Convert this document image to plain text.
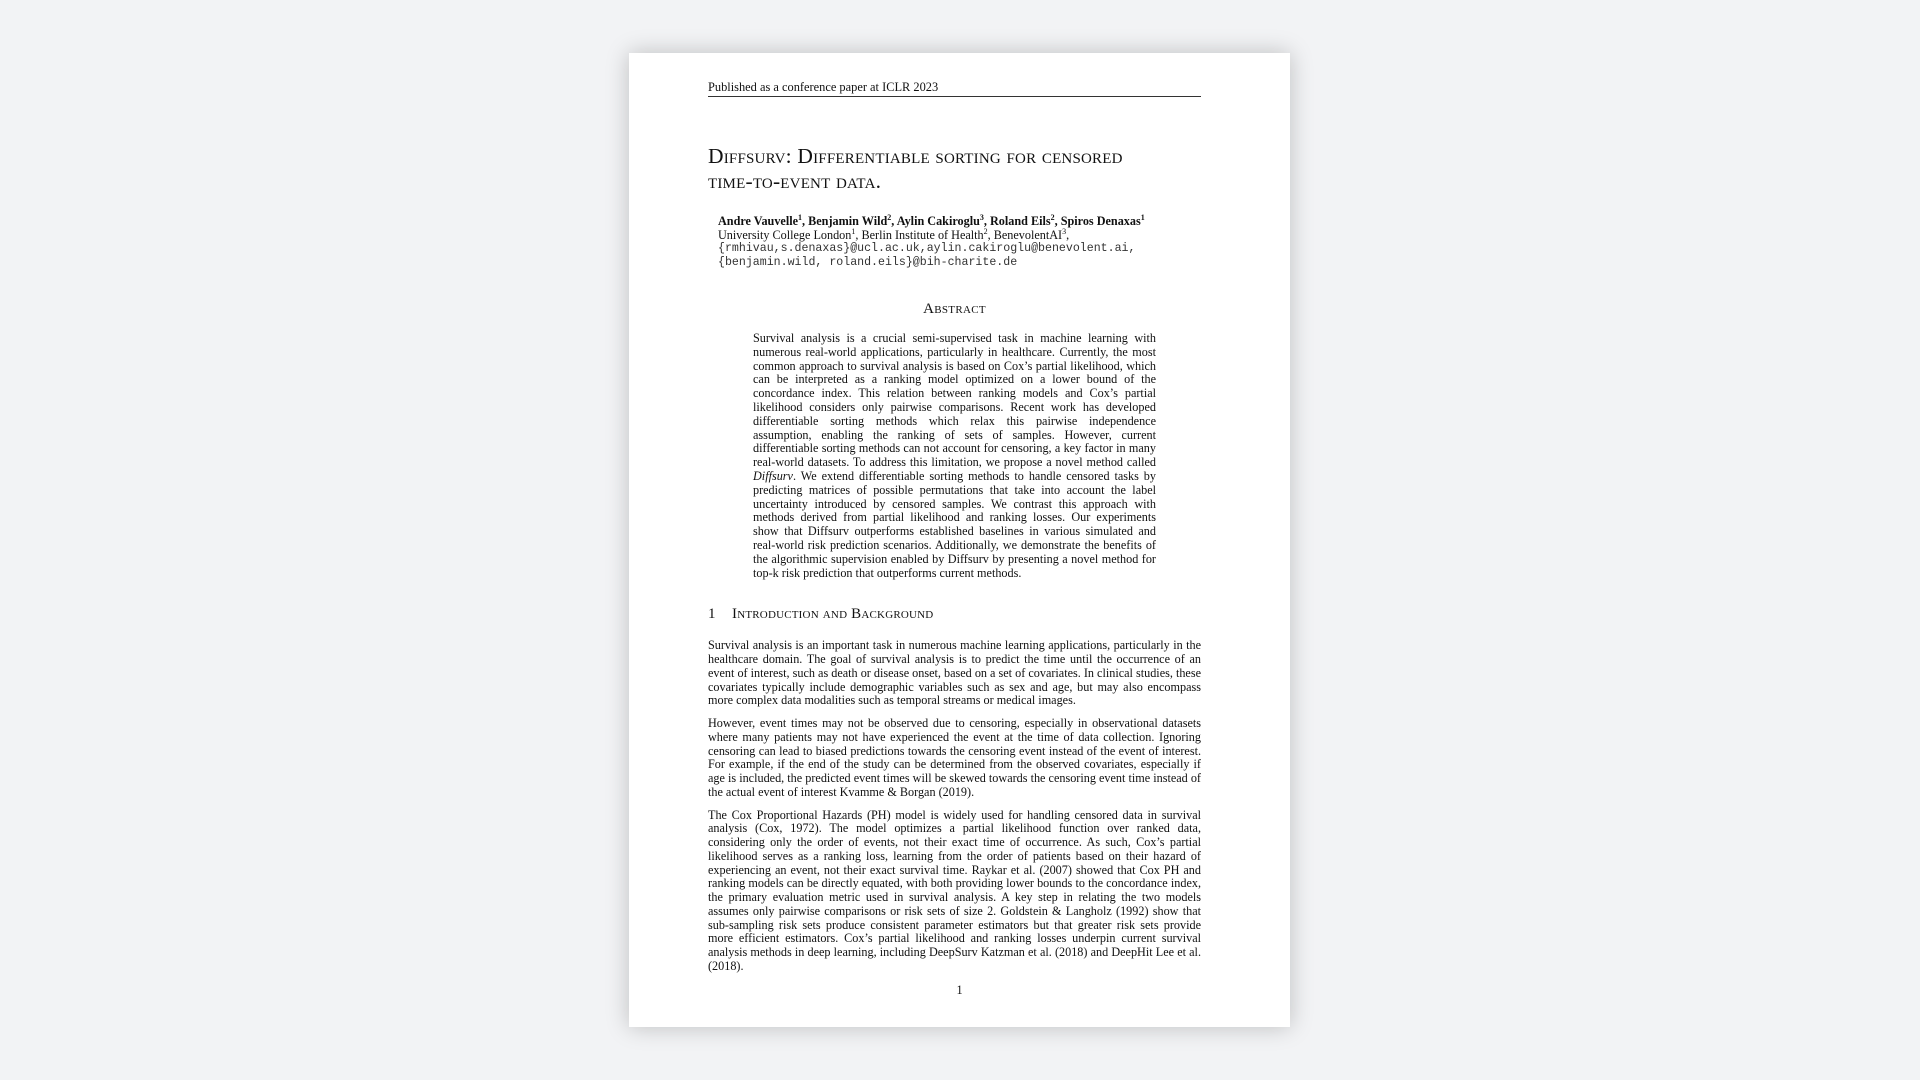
Published as a conference paper at ICLR 2023
Diffsurv: Differentiable sorting for censored
time-to-event data.
Andre Vauvelle$^1$, Benjamin Wild$^2$, Aylin Cakiroglu$^3$, Roland Eils$^2$, Spiros Denaxas$^1$
University College London$^1$, Berlin Institute of Health$^2$, BenevolentAI$^3$,
{rmhivau,s.denaxas}@ucl.ac.uk,aylin.cakiroglu@benevolent.ai,
{benjamin.wild, roland.eils}@bih-charite.de
Abstract
Survival analysis is a crucial semi-supervised task in machine learning with numerous real-world applications, particularly in healthcare. Currently, the most common approach to survival analysis is based on Cox’s partial likelihood, which can be interpreted as a ranking model optimized on a lower bound of the concordance index. This relation between ranking models and Cox’s partial likelihood considers only pairwise comparisons. Recent work has developed differentiable sorting methods which relax this pairwise independence assumption, enabling the ranking of sets of samples. However, current differentiable sorting methods can not account for censoring, a key factor in many real-world datasets. To address this limitation, we propose a novel method called Diffsurv. We extend differentiable sorting methods to handle censored tasks by predicting matrices of possible permutations that take into account the label uncertainty introduced by censored samples. We contrast this approach with methods derived from partial likelihood and ranking losses. Our experiments show that Diffsurv outperforms established baselines in various simulated and real-world risk prediction scenarios. Additionally, we demonstrate the benefits of the algorithmic supervision enabled by Diffsurv by presenting a novel method for top-k risk prediction that outperforms current methods.
1 Introduction and Background
Survival analysis is an important task in numerous machine learning applications, particularly in the healthcare domain. The goal of survival analysis is to predict the time until the occurrence of an event of interest, such as death or disease onset, based on a set of covariates. In clinical studies, these covariates typically include demographic variables such as sex and age, but may also encompass more complex data modalities such as temporal streams or medical images.
However, event times may not be observed due to censoring, especially in observational datasets where many patients may not have experienced the event at the time of data collection. Ignoring censoring can lead to biased predictions towards the censoring event instead of the event of interest. For example, if the end of the study can be determined from the observed covariates, especially if age is included, the predicted event times will be skewed towards the censoring event time instead of the actual event of interest Kvamme & Borgan (2019).
The Cox Proportional Hazards (PH) model is widely used for handling censored data in survival analysis (Cox, 1972). The model optimizes a partial likelihood function over ranked data, considering only the order of events, not their exact time of occurrence. As such, Cox’s partial likelihood serves as a ranking loss, learning from the order of patients based on their hazard of experiencing an event, not their exact survival time. Raykar et al. (2007) showed that Cox PH and ranking models can be directly equated, with both providing lower bounds to the concordance index, the primary evaluation metric used in survival analysis. A key step in relating the two models assumes only pairwise comparisons or risk sets of size 2. Goldstein & Langholz (1992) show that sub-sampling risk sets produce consistent parameter estimators but that greater risk sets provide more efficient estimators. Cox’s partial likelihood and ranking losses underpin current survival analysis methods in deep learning, including DeepSurv Katzman et al. (2018) and DeepHit Lee et al. (2018).
1
